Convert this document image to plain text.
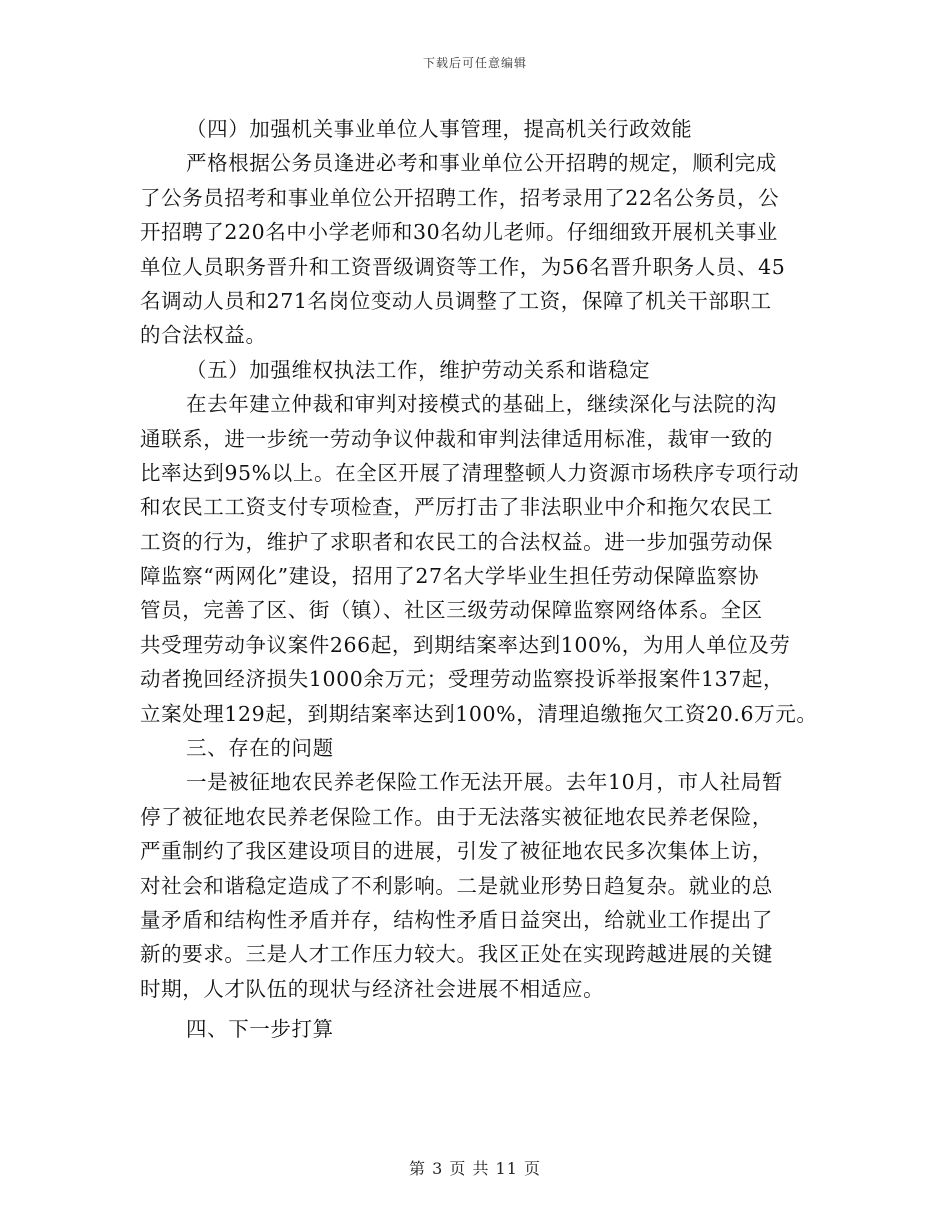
下载后可任意编辑
（四）加强机关事业单位人事管理，提高机关行政效能
严格根据公务员逢进必考和事业单位公开招聘的规定，顺利完成
了公务员招考和事业单位公开招聘工作，招考录用了22名公务员，公
开招聘了220名中小学老师和30名幼儿老师。仔细细致开展机关事业
单位人员职务晋升和工资晋级调资等工作，为56名晋升职务人员、45
名调动人员和271名岗位变动人员调整了工资，保障了机关干部职工
的合法权益。
（五）加强维权执法工作，维护劳动关系和谐稳定
在去年建立仲裁和审判对接模式的基础上，继续深化与法院的沟
通联系，进一步统一劳动争议仲裁和审判法律适用标准，裁审一致的
比率达到95%以上。在全区开展了清理整顿人力资源市场秩序专项行动
和农民工工资支付专项检查，严厉打击了非法职业中介和拖欠农民工
工资的行为，维护了求职者和农民工的合法权益。进一步加强劳动保
障监察“两网化”建设，招用了27名大学毕业生担任劳动保障监察协
管员，完善了区、街（镇）、社区三级劳动保障监察网络体系。全区
共受理劳动争议案件266起，到期结案率达到100%，为用人单位及劳
动者挽回经济损失1000余万元；受理劳动监察投诉举报案件137起，
立案处理129起，到期结案率达到100%，清理追缴拖欠工资20.6万元。
三、存在的问题
一是被征地农民养老保险工作无法开展。去年10月，市人社局暂
停了被征地农民养老保险工作。由于无法落实被征地农民养老保险，
严重制约了我区建设项目的进展，引发了被征地农民多次集体上访，
对社会和谐稳定造成了不利影响。二是就业形势日趋复杂。就业的总
量矛盾和结构性矛盾并存，结构性矛盾日益突出，给就业工作提出了
新的要求。三是人才工作压力较大。我区正处在实现跨越进展的关键
时期，人才队伍的现状与经济社会进展不相适应。
四、下一步打算
第 3 页 共 11 页
